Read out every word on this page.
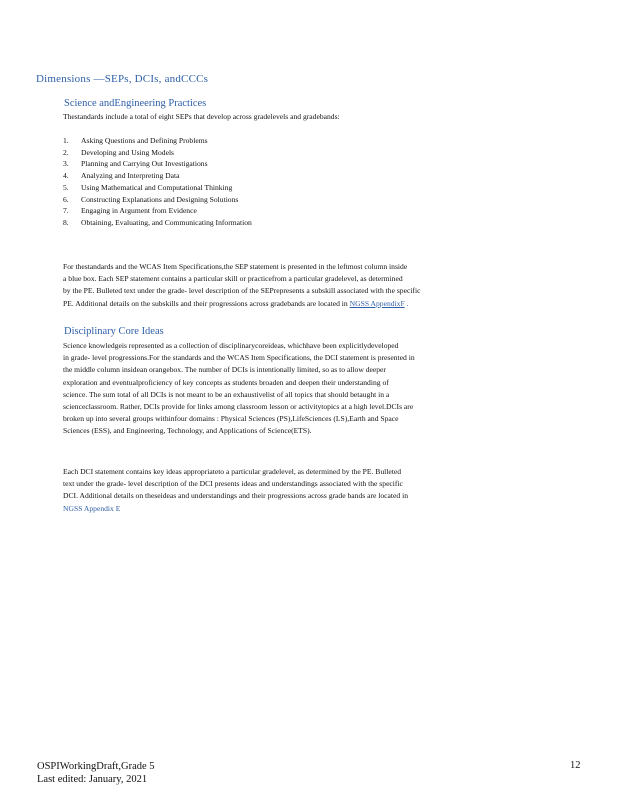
Dimensions —SEPs, DCIs, andCCCs
Science andEngineering Practices
Thestandards include a total of eight SEPs that develop across gradelevels and gradebands:
1. Asking Questions and Defining Problems
2. Developing and Using Models
3. Planning and Carrying Out Investigations
4. Analyzing and Interpreting Data
5. Using Mathematical and Computational Thinking
6. Constructing Explanations and Designing Solutions
7. Engaging in Argument from Evidence
8. Obtaining, Evaluating, and Communicating Information
For thestandards and the WCAS Item Specifications,the SEP statement is presented in the leftmost column inside
a blue box. Each SEP statement contains a particular skill or practicefrom a particular gradelevel, as determined
by the PE. Bulleted text under the grade- level description of the SEPrepresents a subskill associated with the specific
PE. Additional details on the subskills and their progressions across gradebands are located in NGSS AppendixF .
Disciplinary Core Ideas
Science knowledgeis represented as a collection of disciplinarycoreideas, whichhave been explicitlydeveloped
in grade- level progressions.For the standards and the WCAS Item Specifications, the DCI statement is presented in
the middle column insidean orangebox. The number of DCIs is intentionally limited, so as to allow deeper
exploration and eventualproficiency of key concepts as students broaden and deepen their understanding of
science. The sum total of all DCIs is not meant to be an exhaustivelist of all topics that should betaught in a
scienceclassroom. Rather, DCIs provide for links among classroom lesson or activitytopics at a high level.DCIs are
broken up into several groups withinfour domains : Physical Sciences (PS),LifeSciences (LS),Earth and Space
Sciences (ESS), and Engineering, Technology, and Applications of Science(ETS).
Each DCI statement contains key ideas appropriateto a particular gradelevel, as determined by the PE. Bulleted
text under the grade- level description of the DCI presents ideas and understandings associated with the specific
DCI. Additional details on theseideas and understandings and their progressions across grade bands are located in
NGSS Appendix E
OSPIWorkingDraft,Grade 5
Last edited: January, 2021
12
